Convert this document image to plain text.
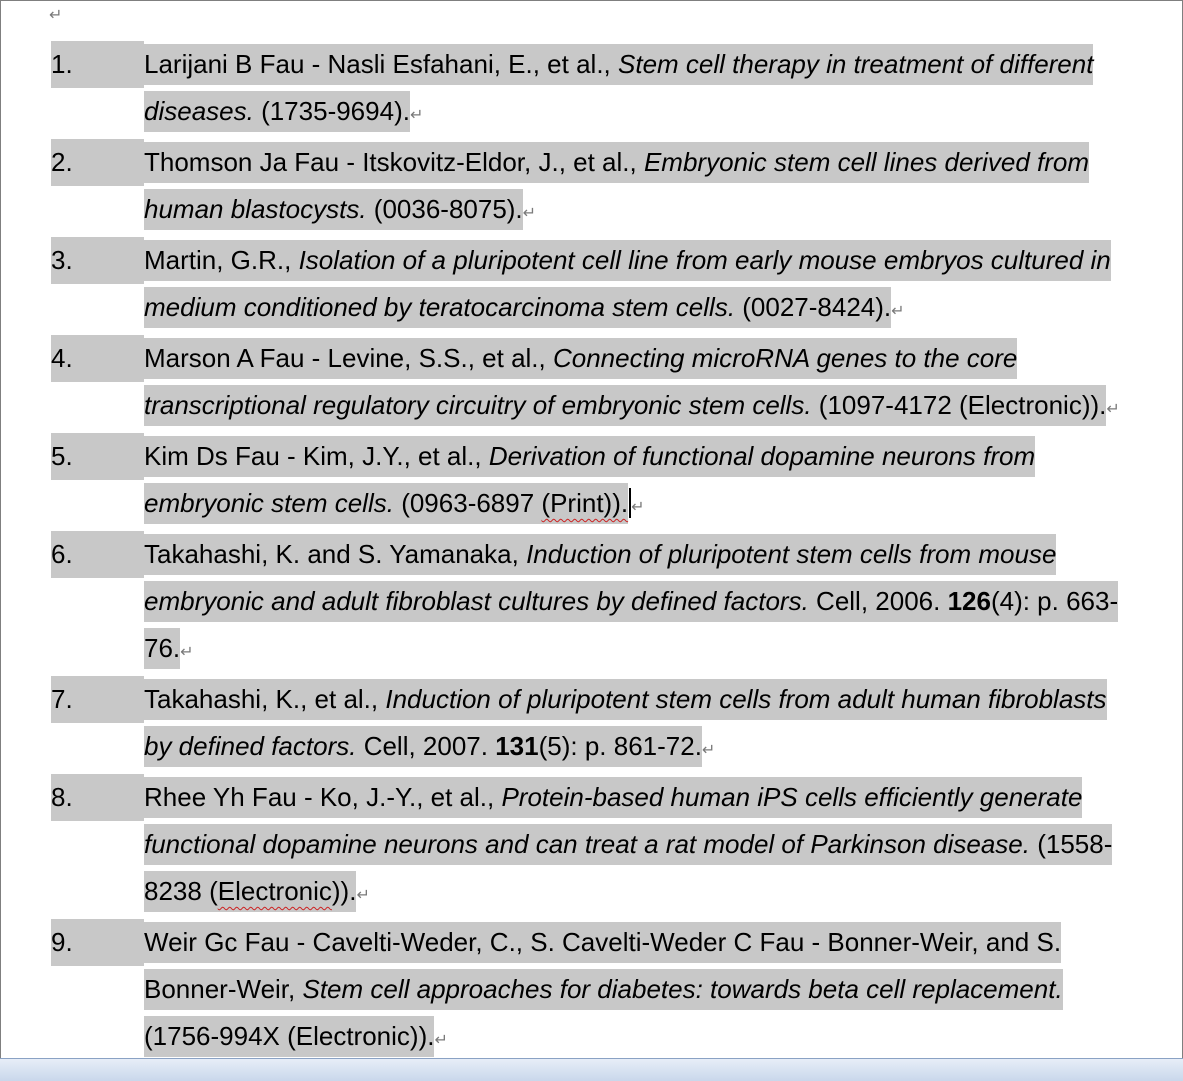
↵
1.	Larijani B Fau - Nasli Esfahani, E., et al., Stem cell therapy in treatment of different diseases. (1735-9694).↵
2.	Thomson Ja Fau - Itskovitz-Eldor, J., et al., Embryonic stem cell lines derived from human blastocysts. (0036-8075).↵
3.	Martin, G.R., Isolation of a pluripotent cell line from early mouse embryos cultured in medium conditioned by teratocarcinoma stem cells. (0027-8424).↵
4.	Marson A Fau - Levine, S.S., et al., Connecting microRNA genes to the core transcriptional regulatory circuitry of embryonic stem cells. (1097-4172 (Electronic)).↵
5.	Kim Ds Fau - Kim, J.Y., et al., Derivation of functional dopamine neurons from embryonic stem cells. (0963-6897 (Print)). ↵
6.	Takahashi, K. and S. Yamanaka, Induction of pluripotent stem cells from mouse embryonic and adult fibroblast cultures by defined factors. Cell, 2006. 126(4): p. 663-76.↵
7.	Takahashi, K., et al., Induction of pluripotent stem cells from adult human fibroblasts by defined factors. Cell, 2007. 131(5): p. 861-72.↵
8.	Rhee Yh Fau - Ko, J.-Y., et al., Protein-based human iPS cells efficiently generate functional dopamine neurons and can treat a rat model of Parkinson disease. (1558-8238 (Electronic)).↵
9.	Weir Gc Fau - Cavelti-Weder, C., S. Cavelti-Weder C Fau - Bonner-Weir, and S. Bonner-Weir, Stem cell approaches for diabetes: towards beta cell replacement. (1756-994X (Electronic)).↵
